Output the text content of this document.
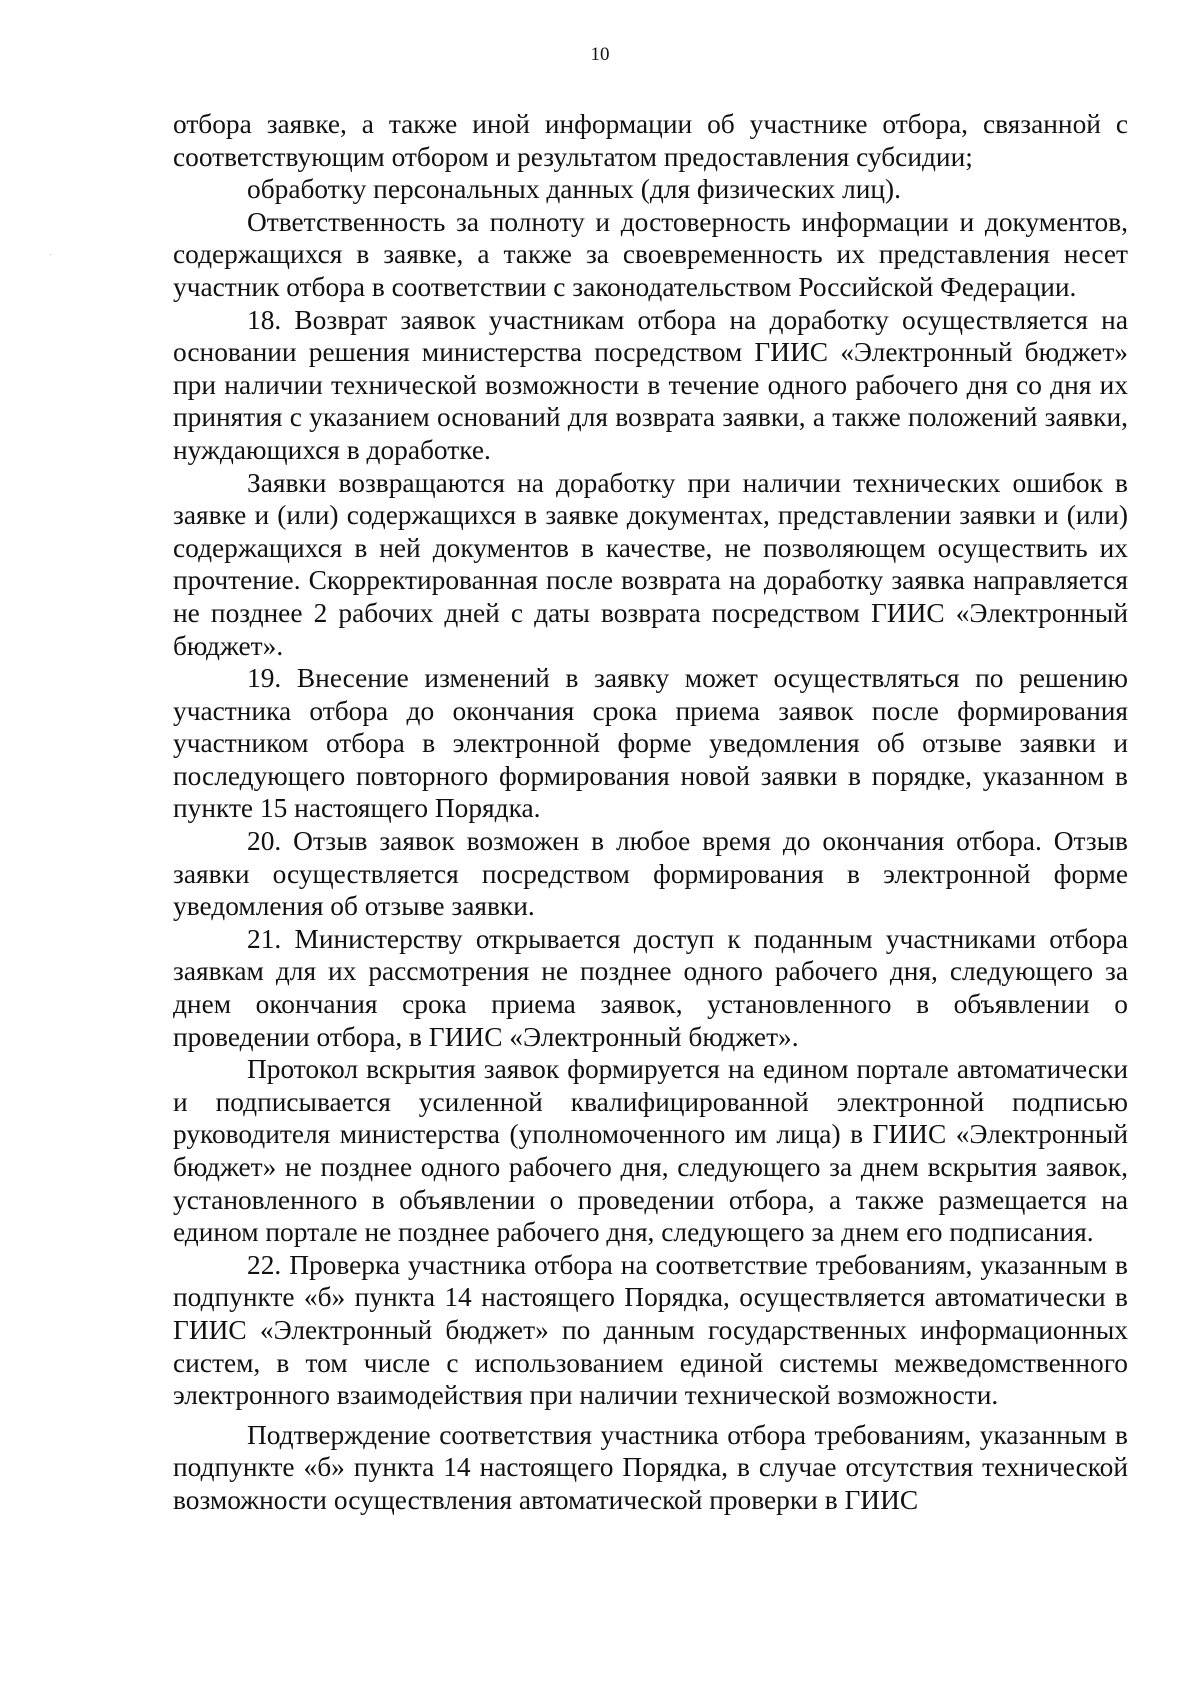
10

отбора заявке, а также иной информации об участнике отбора, связанной с соответствующим отбором и результатом предоставления субсидии;

обработку персональных данных (для физических лиц).

Ответственность за полноту и достоверность информации и документов, содержащихся в заявке, а также за своевременность их представления несет участник отбора в соответствии с законодательством Российской Федерации.

18. Возврат заявок участникам отбора на доработку осуществляется на основании решения министерства посредством ГИИС «Электронный бюджет» при наличии технической возможности в течение одного рабочего дня со дня их принятия с указанием оснований для возврата заявки, а также положений заявки, нуждающихся в доработке.

Заявки возвращаются на доработку при наличии технических ошибок в заявке и (или) содержащихся в заявке документах, представлении заявки и (или) содержащихся в ней документов в качестве, не позволяющем осуществить их прочтение. Скорректированная после возврата на доработку заявка направляется не позднее 2 рабочих дней с даты возврата посредством ГИИС «Электронный бюджет».

19. Внесение изменений в заявку может осуществляться по решению участника отбора до окончания срока приема заявок после формирования участником отбора в электронной форме уведомления об отзыве заявки и последующего повторного формирования новой заявки в порядке, указанном в пункте 15 настоящего Порядка.

20. Отзыв заявок возможен в любое время до окончания отбора. Отзыв заявки осуществляется посредством формирования в электронной форме уведомления об отзыве заявки.

21. Министерству открывается доступ к поданным участниками отбора заявкам для их рассмотрения не позднее одного рабочего дня, следующего за днем окончания срока приема заявок, установленного в объявлении о проведении отбора, в ГИИС «Электронный бюджет».

Протокол вскрытия заявок формируется на едином портале автоматически и подписывается усиленной квалифицированной электронной подписью руководителя министерства (уполномоченного им лица) в ГИИС «Электронный бюджет» не позднее одного рабочего дня, следующего за днем вскрытия заявок, установленного в объявлении о проведении отбора, а также размещается на едином портале не позднее рабочего дня, следующего за днем его подписания.

22. Проверка участника отбора на соответствие требованиям, указанным в подпункте «б» пункта 14 настоящего Порядка, осуществляется автоматически в ГИИС «Электронный бюджет» по данным государственных информационных систем, в том числе с использованием единой системы межведомственного электронного взаимодействия при наличии технической возможности.

Подтверждение соответствия участника отбора требованиям, указанным в подпункте «б» пункта 14 настоящего Порядка, в случае отсутствия технической возможности осуществления автоматической проверки в ГИИС
